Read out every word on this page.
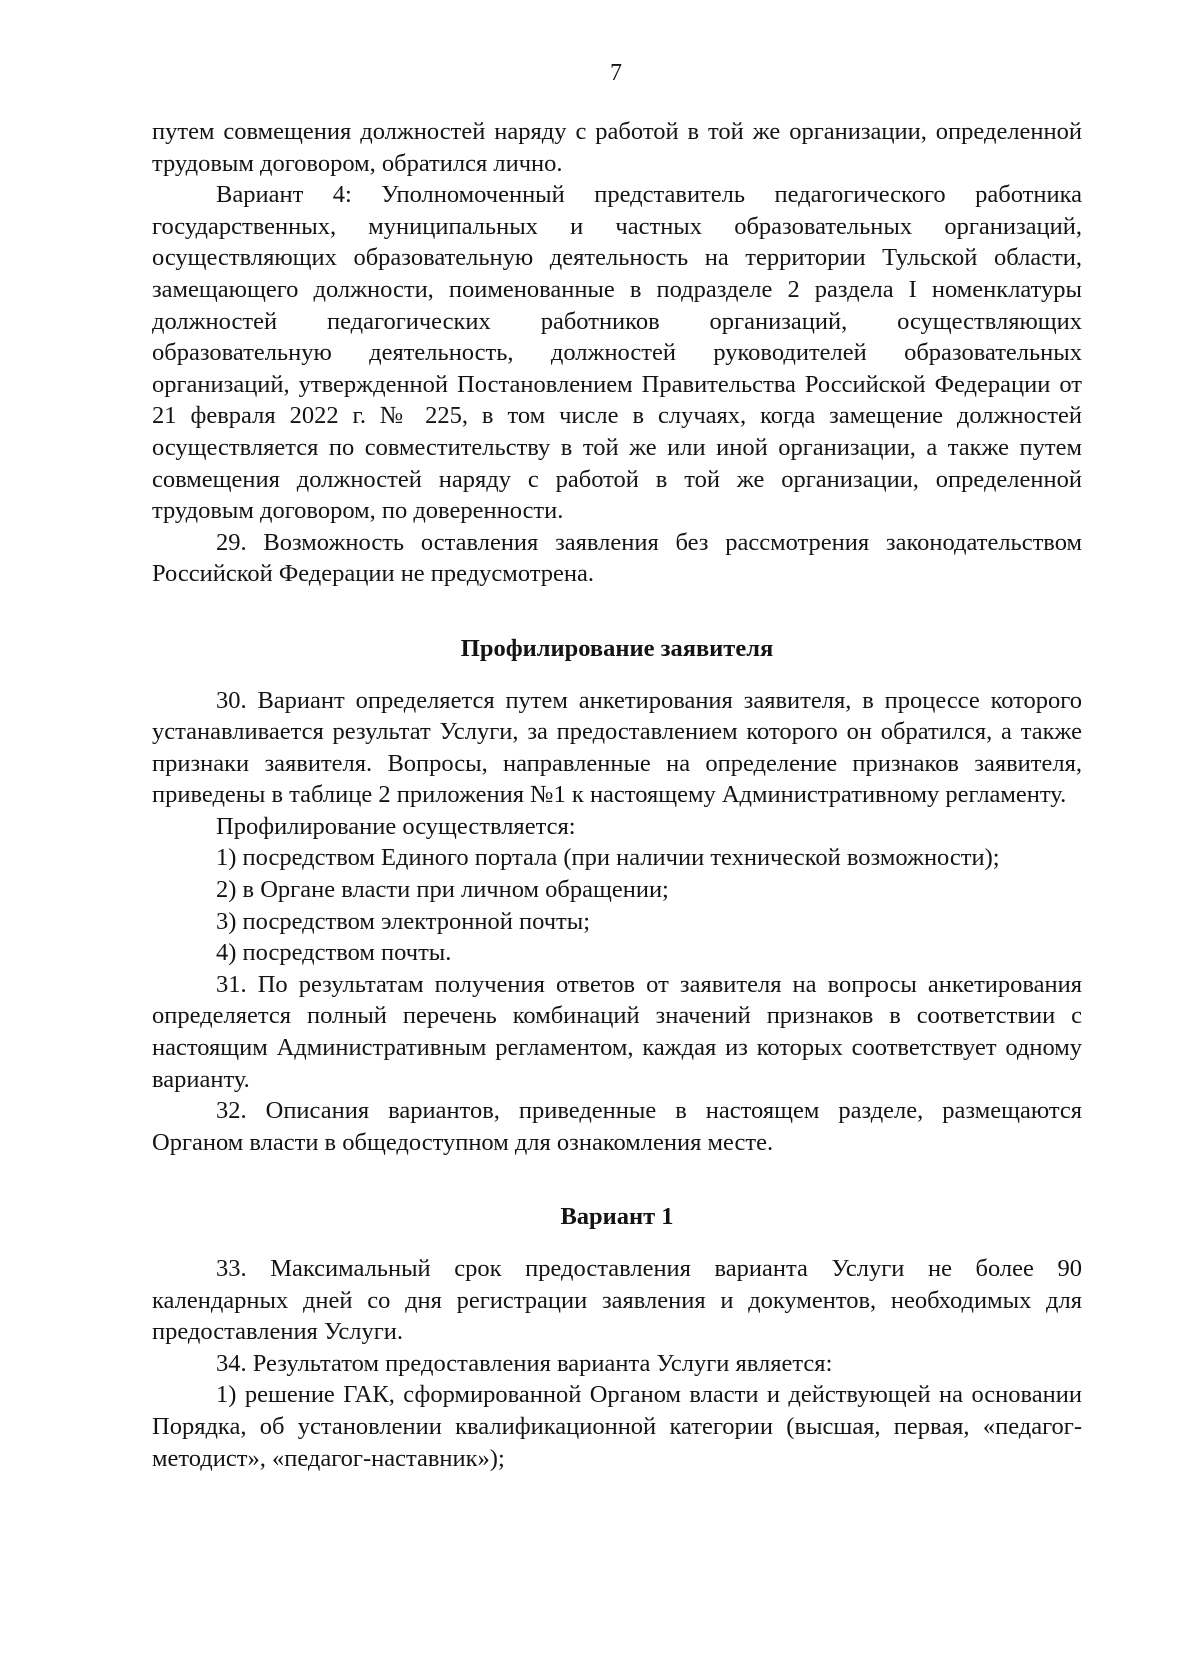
7

путем совмещения должностей наряду с работой в той же организации, определенной трудовым договором, обратился лично.

Вариант 4: Уполномоченный представитель педагогического работника государственных, муниципальных и частных образовательных организаций, осуществляющих образовательную деятельность на территории Тульской области, замещающего должности, поименованные в подразделе 2 раздела I номенклатуры должностей педагогических работников организаций, осуществляющих образовательную деятельность, должностей руководителей образовательных организаций, утвержденной Постановлением Правительства Российской Федерации от 21 февраля 2022 г. № 225, в том числе в случаях, когда замещение должностей осуществляется по совместительству в той же или иной организации, а также путем совмещения должностей наряду с работой в той же организации, определенной трудовым договором, по доверенности.

29. Возможность оставления заявления без рассмотрения законодательством Российской Федерации не предусмотрена.

Профилирование заявителя

30. Вариант определяется путем анкетирования заявителя, в процессе которого устанавливается результат Услуги, за предоставлением которого он обратился, а также признаки заявителя. Вопросы, направленные на определение признаков заявителя, приведены в таблице 2 приложения №1 к настоящему Административному регламенту.

Профилирование осуществляется:

1) посредством Единого портала (при наличии технической возможности);

2) в Органе власти при личном обращении;

3) посредством электронной почты;

4) посредством почты.

31. По результатам получения ответов от заявителя на вопросы анкетирования определяется полный перечень комбинаций значений признаков в соответствии с настоящим Административным регламентом, каждая из которых соответствует одному варианту.

32. Описания вариантов, приведенные в настоящем разделе, размещаются Органом власти в общедоступном для ознакомления месте.

Вариант 1

33. Максимальный срок предоставления варианта Услуги не более 90 календарных дней со дня регистрации заявления и документов, необходимых для предоставления Услуги.

34. Результатом предоставления варианта Услуги является:

1) решение ГАК, сформированной Органом власти и действующей на основании Порядка, об установлении квалификационной категории (высшая, первая, «педагог-методист», «педагог-наставник»);
